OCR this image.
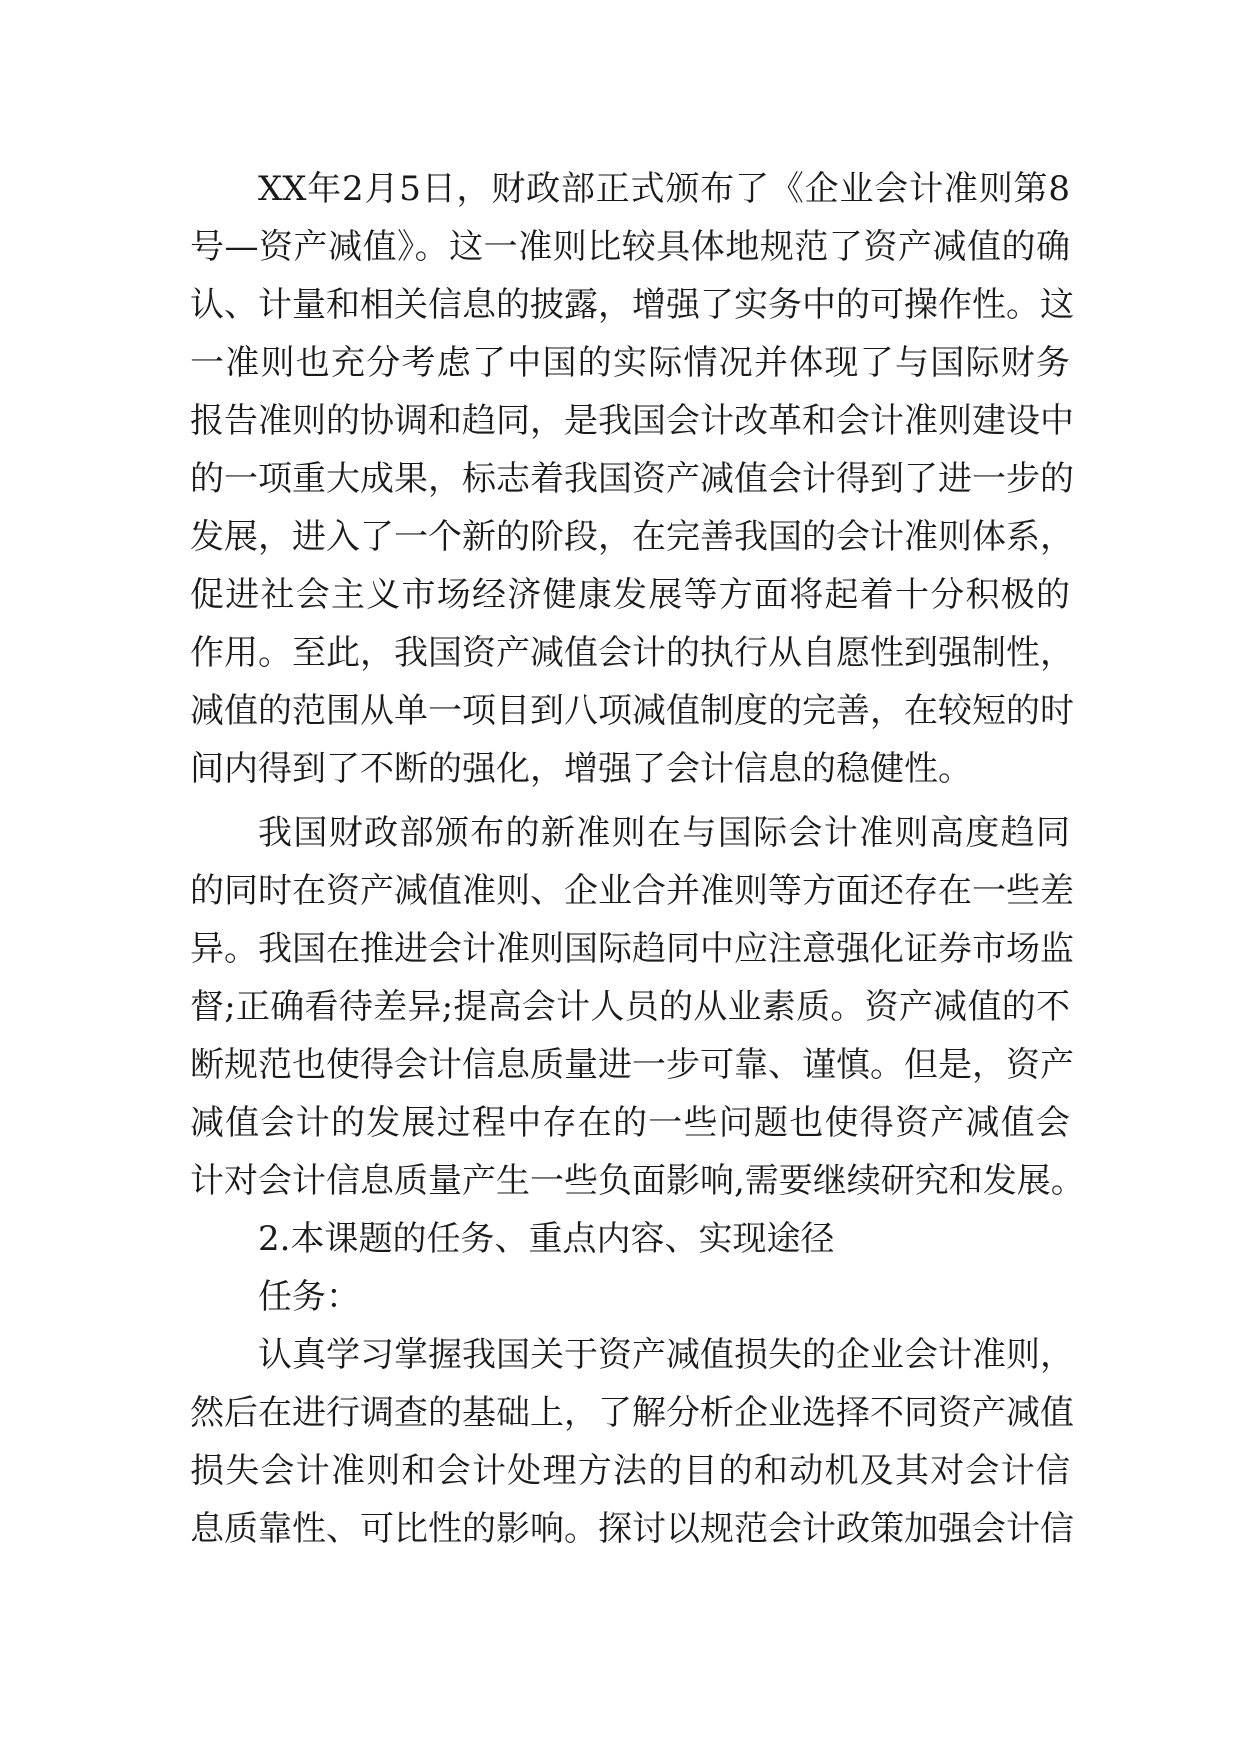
XX年2月5日，财政部正式颁布了《企业会计准则第8
号—资产减值》。这一准则比较具体地规范了资产减值的确
认、计量和相关信息的披露，增强了实务中的可操作性。这
一准则也充分考虑了中国的实际情况并体现了与国际财务
报告准则的协调和趋同，是我国会计改革和会计准则建设中
的一项重大成果，标志着我国资产减值会计得到了进一步的
发展，进入了一个新的阶段，在完善我国的会计准则体系，
促进社会主义市场经济健康发展等方面将起着十分积极的
作用。至此，我国资产减值会计的执行从自愿性到强制性，
减值的范围从单一项目到八项减值制度的完善，在较短的时
间内得到了不断的强化，增强了会计信息的稳健性。
我国财政部颁布的新准则在与国际会计准则高度趋同
的同时在资产减值准则、企业合并准则等方面还存在一些差
异。我国在推进会计准则国际趋同中应注意强化证券市场监
督;正确看待差异;提高会计人员的从业素质。资产减值的不
断规范也使得会计信息质量进一步可靠、谨慎。但是，资产
减值会计的发展过程中存在的一些问题也使得资产减值会
计对会计信息质量产生一些负面影响,需要继续研究和发展。
2.本课题的任务、重点内容、实现途径
任务：
认真学习掌握我国关于资产减值损失的企业会计准则，
然后在进行调查的基础上，了解分析企业选择不同资产减值
损失会计准则和会计处理方法的目的和动机及其对会计信
息质靠性、可比性的影响。探讨以规范会计政策加强会计信
